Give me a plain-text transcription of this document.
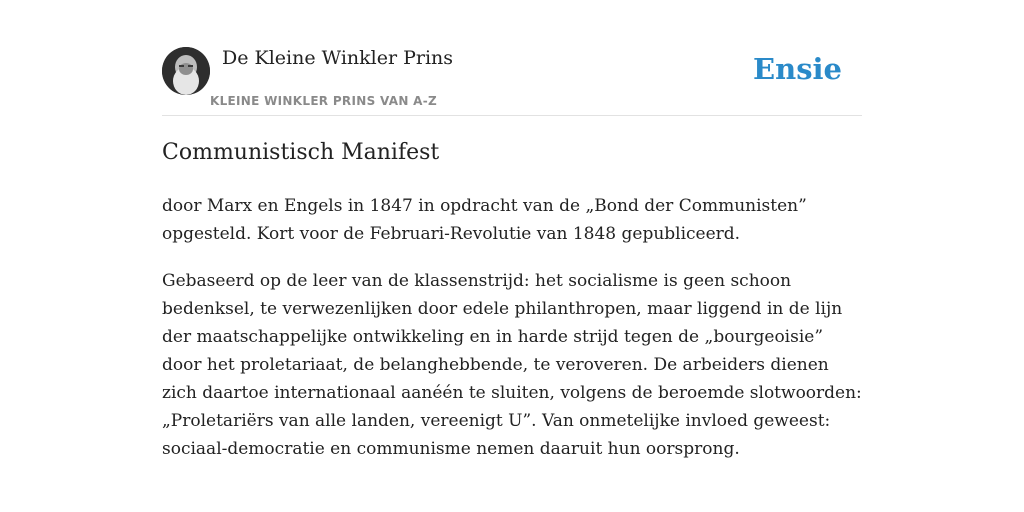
De Kleine Winkler Prins
KLEINE WINKLER PRINS VAN A-Z
Ensie
Communistisch Manifest

door Marx en Engels in 1847 in opdracht van de „Bond der Communisten” opgesteld. Kort voor de Februari-Revolutie van 1848 gepubliceerd.

Gebaseerd op de leer van de klassenstrijd: het socialisme is geen schoon bedenksel, te verwezenlijken door edele philanthropen, maar liggend in de lijn der maatschappelijke ontwikkeling en in harde strijd tegen de „bourgeoisie” door het proletariaat, de belanghebbende, te veroveren. De arbeiders dienen zich daartoe internationaal aanéén te sluiten, volgens de beroemde slotwoorden: „Proletariërs van alle landen, vereenigt U”. Van onmetelijke invloed geweest: sociaal-democratie en communisme nemen daaruit hun oorsprong.
